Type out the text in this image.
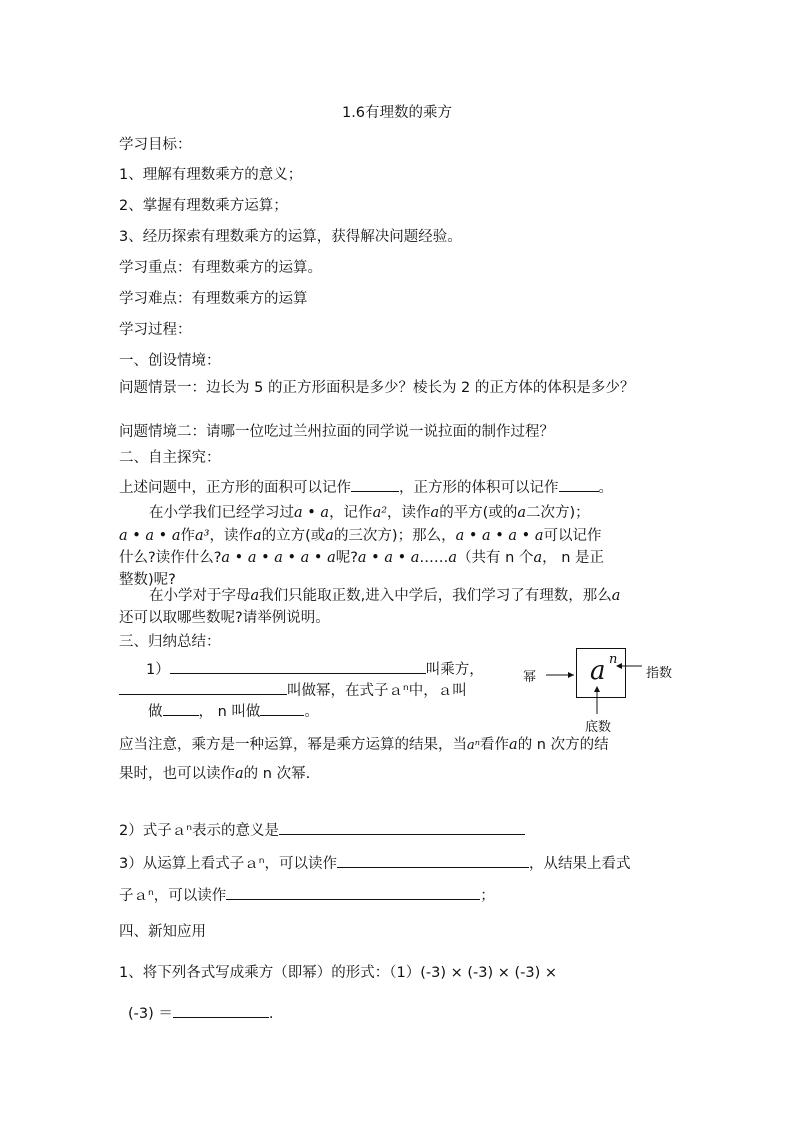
1.6有理数的乘方
学习目标：
1、理解有理数乘方的意义；
2、掌握有理数乘方运算；
3、经历探索有理数乘方的运算，获得解决问题经验。
学习重点：有理数乘方的运算。
学习难点：有理数乘方的运算
学习过程：
一、创设情境：
问题情景一：边长为 5 的正方形面积是多少？棱长为 2 的正方体的体积是多少？
问题情境二：请哪一位吃过兰州拉面的同学说一说拉面的制作过程？
二、自主探究：
上述问题中，正方形的面积可以记作	，正方形的体积可以记作	。
在小学我们已经学习过a • a，记作a²，读作a的平方(或的a二次方)；
a • a • a作a³，读作a的立方(或a的三次方)；那么，a • a • a • a可以记作
什么?读作什么?a • a • a • a • a呢?a • a • a……a（共有 n 个a， n 是正
整数)呢?
在小学对于字母a我们只能取正数,进入中学后，我们学习了有理数，那么a
还可以取哪些数呢?请举例说明。
三、归纳总结：
1）	叫乘方，
叫做幂，在式子ａⁿ中，ａ叫
做 ， n 叫做	。
a n
幂	指数
底数
应当注意，乘方是一种运算，幂是乘方运算的结果，当aⁿ看作a的 n 次方的结
果时，也可以读作a的 n 次幂.
2）式子ａⁿ表示的意义是
3）从运算上看式子ａⁿ，可以读作	，从结果上看式
子ａⁿ，可以读作	；
四、新知应用
1、将下列各式写成乘方（即幂）的形式：（1）(-3) × (-3) × (-3) ×
(-3) ＝	.
